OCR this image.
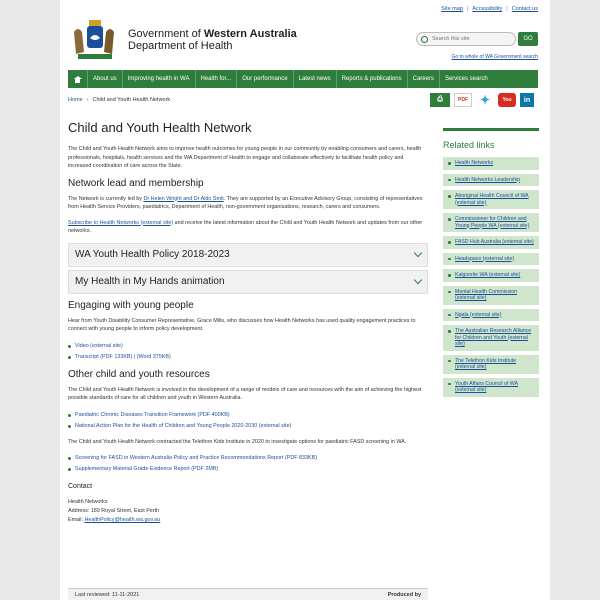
Site map | Accessibility | Contact us
Government of Western Australia
Department of Health
Search this site
GO
Go to whole of WA Government search
About us	Improving health in WA	Health for...	Our performance	Latest news	Reports & publications	Careers	Services search
Home › Child and Youth Health Network	⎙	PDF ✦	You	in
Child and Youth Health Network

The Child and Youth Health Network aims to improve health outcomes for young people in our community by enabling consumers and carers, health professionals, hospitals, health services and the WA Department of Health to engage and collaborate effectively to facilitate health policy and increased coordination of care across the State.

Network lead and membership

The Network is currently led by Dr Helen Wright and Dr Aldo Smit. They are supported by an Executive Advisory Group, consisting of representatives from Health Service Providers, paediatrics, Department of Health, non-government organisations, research, carers and consumers.

Subscribe to Health Networks (external site) and receive the latest information about the Child and Youth Health Network and updates from our other networks.

WA Youth Health Policy 2018-2023
My Health in My Hands animation
Engaging with young people

Hear from Youth Disability Consumer Representative, Grace Mills, who discusses how Health Networks has used quality engagement practices to connect with young people to inform policy development.

Video (external site)
Transcript (PDF 133KB) | (Word 375KB)
Other child and youth resources

The Child and Youth Health Network is involved in the development of a range of models of care and resources with the aim of achieving the highest possible standards of care for all children and youth in Western Australia.

Paediatric Chronic Diseases Transition Framework (PDF 400KB)
National Action Plan for the Health of Children and Young People 2020-2030 (external site)

The Child and Youth Health Network contracted the Telethon Kids Institute in 2020 to investigate options for paediatric FASD screening in WA.

Screening for FASD in Western Australia Policy and Practice Recommendations Report (PDF 833KB)
Supplementary Material Grade Evidence Report (PDF 2MB)
Contact

Health Networks
Address: 189 Royal Street, East Perth
Email: HealthPolicy@health.wa.gov.au

Last reviewed: 11-11-2021	Produced by
Related links
Health Networks
Health Networks Leadership
Aboriginal Health Council of WA (external site)
Commissioner for Children and Young People WA (external site)
FASD Hub Australia (external site)
Headspace (external site)
Kalgoorlie WA (external site)
Mental Health Commission (external site)
Ngala (external site)
The Australian Research Alliance for Children and Youth (external site)
The Telethon Kids Institute (external site)
Youth Affairs Council of WA (external site)
